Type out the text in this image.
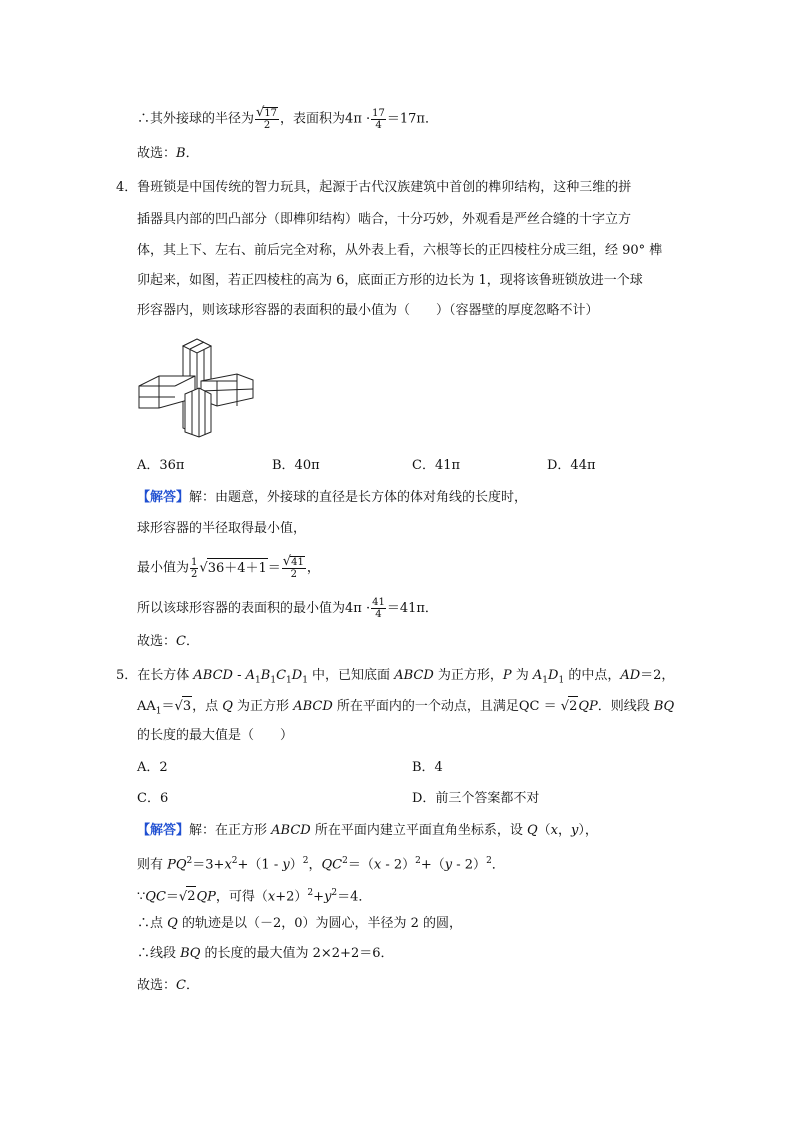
∴其外接球的半径为 $\frac{√17}{2}$ ，表面积为$4\pi \cdot \frac{17}{4} =17\pi$．
故选：B．
4．鲁班锁是中国传统的智力玩具，起源于古代汉族建筑中首创的榫卯结构，这种三维的拼
插器具内部的凹凸部分（即榫卯结构）啮合，十分巧妙，外观看是严丝合缝的十字立方
体，其上下、左右、前后完全对称，从外表上看，六根等长的正四棱柱分成三组，经 90° 榫
卯起来，如图，若正四棱柱的高为 6，底面正方形的边长为 1，现将该鲁班锁放进一个球
形容器内，则该球形容器的表面积的最小值为（　　）（容器壁的厚度忽略不计）
A．36π	B．40π	C．41π	D．44π
【解答】解：由题意，外接球的直径是长方体的体对角线的长度时，
球形容器的半径取得最小值，
最小值为 $\frac{1}{2} √36+4+1= \frac{√41}{2}$ ，
所以该球形容器的表面积的最小值为$4\pi \cdot \frac{41}{4} =41\pi$．
故选：C．
5．在长方体 ABCD - $A_1B_1C_1D_1$ 中，已知底面 ABCD 为正方形，P 为 $A_1D_1$ 的中点，AD＝2，
$AA_1=√3$，点 Q 为正方形 ABCD 所在平面内的一个动点，且满足QC ＝ √2QP．则线段 BQ
的长度的最大值是（　　）
A．2	B．4
C．6	D．前三个答案都不对
【解答】解：在正方形 ABCD 所在平面内建立平面直角坐标系，设 Q（x，y），
则有 $PQ^2=3+x^2+(1 - y)^2$，$QC^2=(x - 2)^2+(y - 2)^2$．
∵QC＝√2QP，可得$(x+2)^2+y^2=4$．
∴点 Q 的轨迹是以（－2，0）为圆心，半径为 2 的圆，
∴线段 BQ 的长度的最大值为 2×2+2＝6．
故选：C．
